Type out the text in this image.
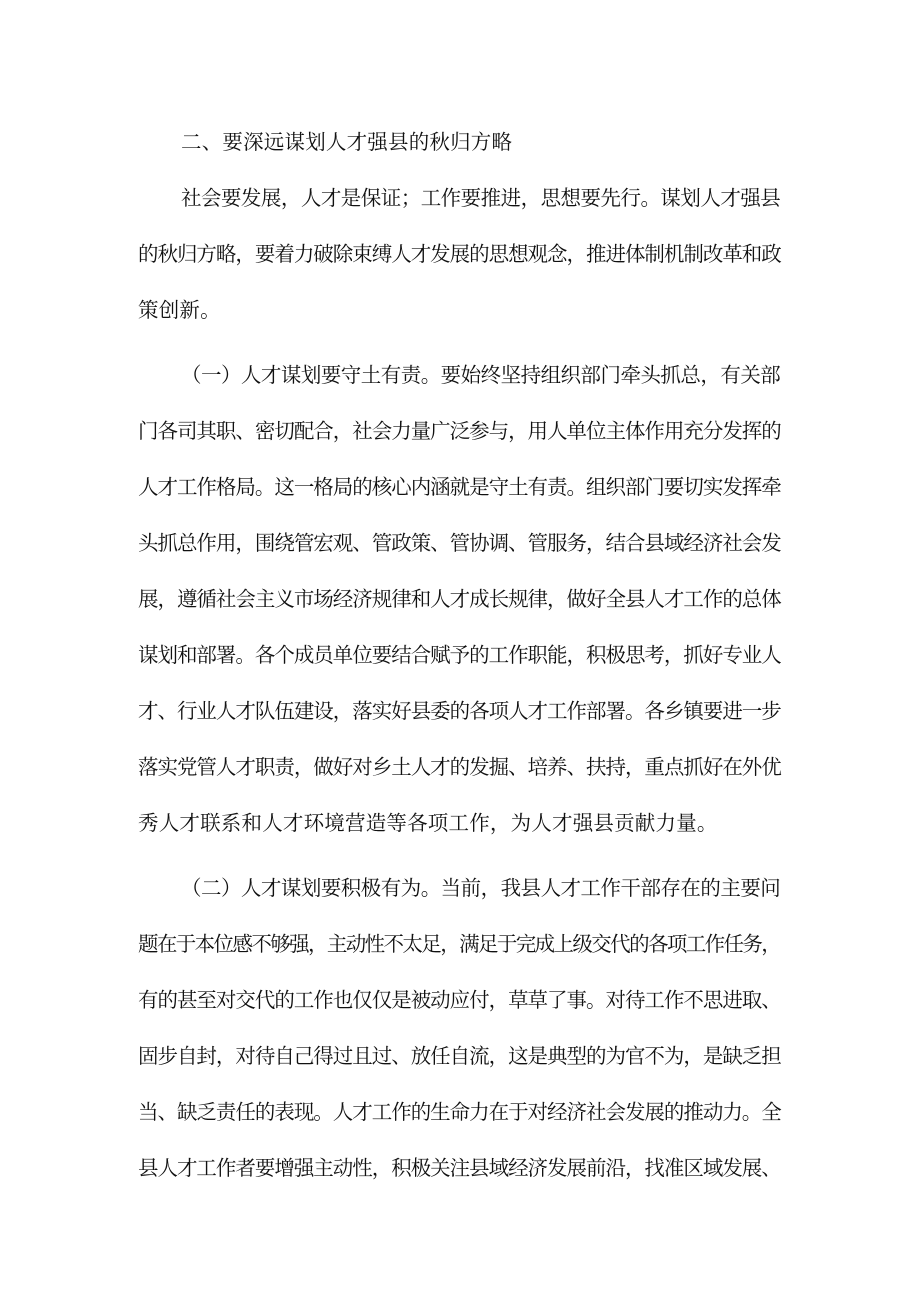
二、要深远谋划人才强县的秋归方略
社会要发展，人才是保证；工作要推进，思想要先行。谋划人才强县
的秋归方略，要着力破除束缚人才发展的思想观念，推进体制机制改革和政
策创新。
（一）人才谋划要守土有责。要始终坚持组织部门牵头抓总，有关部
门各司其职、密切配合，社会力量广泛参与，用人单位主体作用充分发挥的
人才工作格局。这一格局的核心内涵就是守土有责。组织部门要切实发挥牵
头抓总作用，围绕管宏观、管政策、管协调、管服务，结合县域经济社会发
展，遵循社会主义市场经济规律和人才成长规律，做好全县人才工作的总体
谋划和部署。各个成员单位要结合赋予的工作职能，积极思考，抓好专业人
才、行业人才队伍建设，落实好县委的各项人才工作部署。各乡镇要进一步
落实党管人才职责，做好对乡土人才的发掘、培养、扶持，重点抓好在外优
秀人才联系和人才环境营造等各项工作，为人才强县贡献力量。
（二）人才谋划要积极有为。当前，我县人才工作干部存在的主要问
题在于本位感不够强，主动性不太足，满足于完成上级交代的各项工作任务，
有的甚至对交代的工作也仅仅是被动应付，草草了事。对待工作不思进取、
固步自封，对待自己得过且过、放任自流，这是典型的为官不为，是缺乏担
当、缺乏责任的表现。人才工作的生命力在于对经济社会发展的推动力。全
县人才工作者要增强主动性，积极关注县域经济发展前沿，找准区域发展、
